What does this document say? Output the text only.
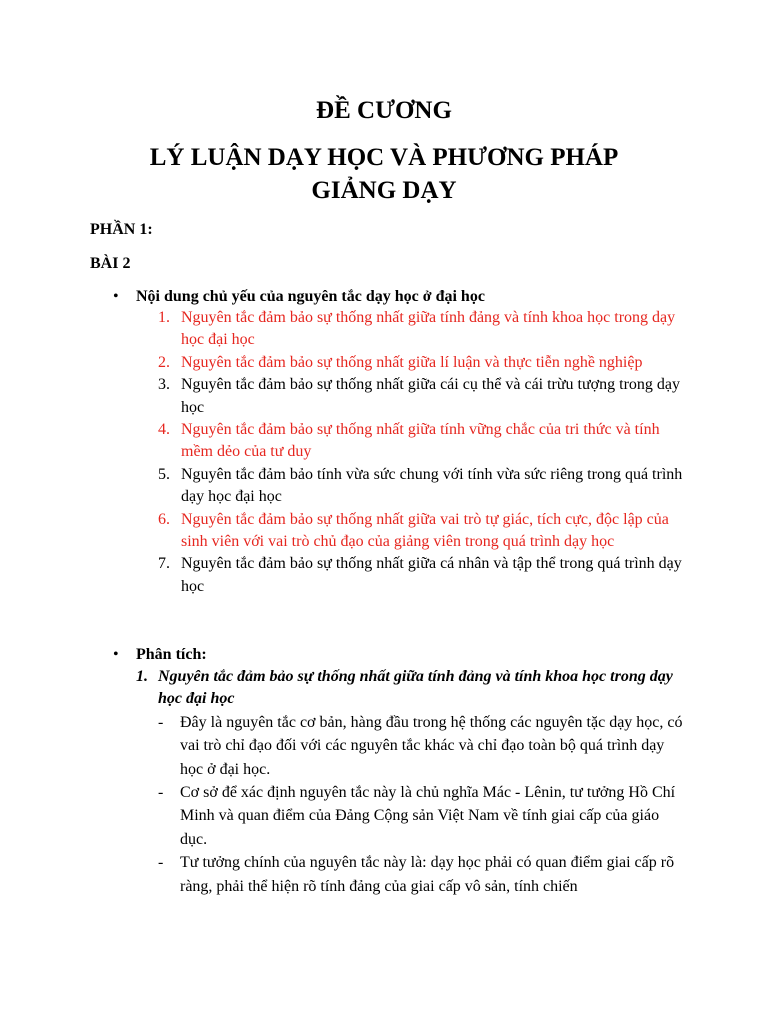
ĐỀ CƯƠNG
LÝ LUẬN DẠY HỌC VÀ PHƯƠNG PHÁP
GIẢNG DẠY

PHẦN 1:

BÀI 2

• Nội dung chủ yếu của nguyên tắc dạy học ở đại học
1. Nguyên tắc đảm bảo sự thống nhất giữa tính đảng và tính khoa học trong dạy học đại học
2. Nguyên tắc đảm bảo sự thống nhất giữa lí luận và thực tiễn nghề nghiệp
3. Nguyên tắc đảm bảo sự thống nhất giữa cái cụ thể và cái trừu tượng trong dạy học
4. Nguyên tắc đảm bảo sự thống nhất giữa tính vững chắc của tri thức và tính mềm dẻo của tư duy
5. Nguyên tắc đảm bảo tính vừa sức chung với tính vừa sức riêng trong quá trình dạy học đại học
6. Nguyên tắc đảm bảo sự thống nhất giữa vai trò tự giác, tích cực, độc lập của sinh viên với vai trò chủ đạo của giảng viên trong quá trình dạy học
7. Nguyên tắc đảm bảo sự thống nhất giữa cá nhân và tập thể trong quá trình dạy học
• Phân tích:
1. Nguyên tắc đảm bảo sự thống nhất giữa tính đảng và tính khoa học trong dạy học đại học
- Đây là nguyên tắc cơ bản, hàng đầu trong hệ thống các nguyên tặc dạy học, có vai trò chỉ đạo đối với các nguyên tắc khác và chỉ đạo toàn bộ quá trình dạy học ở đại học.
- Cơ sở để xác định nguyên tắc này là chủ nghĩa Mác - Lênin, tư tưởng Hồ Chí Minh và quan điểm của Đảng Cộng sản Việt Nam về tính giai cấp của giáo dục.
- Tư tưởng chính của nguyên tắc này là: dạy học phải có quan điểm giai cấp rõ ràng, phải thể hiện rõ tính đảng của giai cấp vô sản, tính chiến
